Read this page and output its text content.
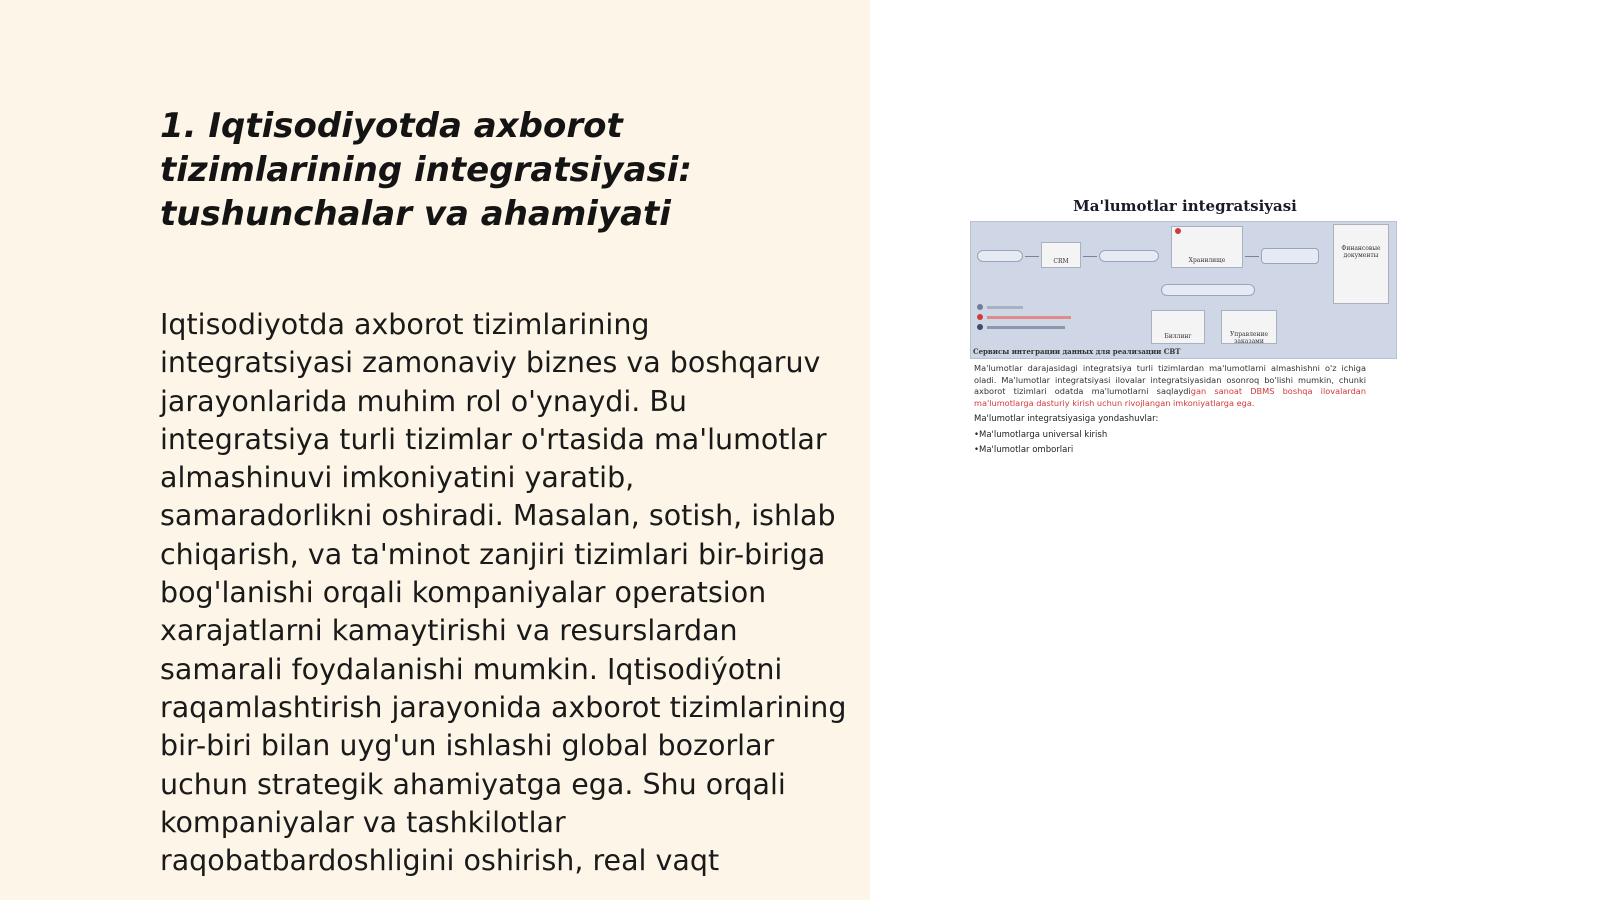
1. Iqtisodiyotda axborot tizimlarining integratsiyasi: tushunchalar va ahamiyati

Iqtisodiyotda axborot tizimlarining integratsiyasi zamonaviy biznes va boshqaruv jarayonlarida muhim rol o'ynaydi. Bu integratsiya turli tizimlar o'rtasida ma'lumotlar almashinuvi imkoniyatini yaratib, samaradorlikni oshiradi. Masalan, sotish, ishlab chiqarish, va ta'minot zanjiri tizimlari bir-biriga bog'lanishi orqali kompaniyalar operatsion xarajatlarni kamaytirishi va resurslardan samarali foydalanishi mumkin. Iqtisodiýotni raqamlashtirish jarayonida axborot tizimlarining bir-biri bilan uyg'un ishlashi global bozorlar uchun strategik ahamiyatga ega. Shu orqali kompaniyalar va tashkilotlar raqobatbardoshligini oshirish, real vaqt

Ma'lumotlar integratsiyasi
CRM	Хранилище
Финансовые документы
Биллинг	Управление заказами
Сервисы интеграции данных для реализации СВТ

Ma'lumotlar darajasidagi integratsiya turli tizimlardan ma'lumotlarni almashishni o'z ichiga oladi. Ma'lumotlar integratsiyasi ilovalar integratsiyasidan osonroq bo'lishi mumkin, chunki axborot tizimlari odatda ma'lumotlarni saqlaydigan sanoat DBMS boshqa ilovalardan ma'lumotlarga dasturiy kirish uchun rivojlangan imkoniyatlarga ega.

Ma'lumotlar integratsiyasiga yondashuvlar:
• Ma'lumotlarga universal kirish
• Ma'lumotlar omborlari
